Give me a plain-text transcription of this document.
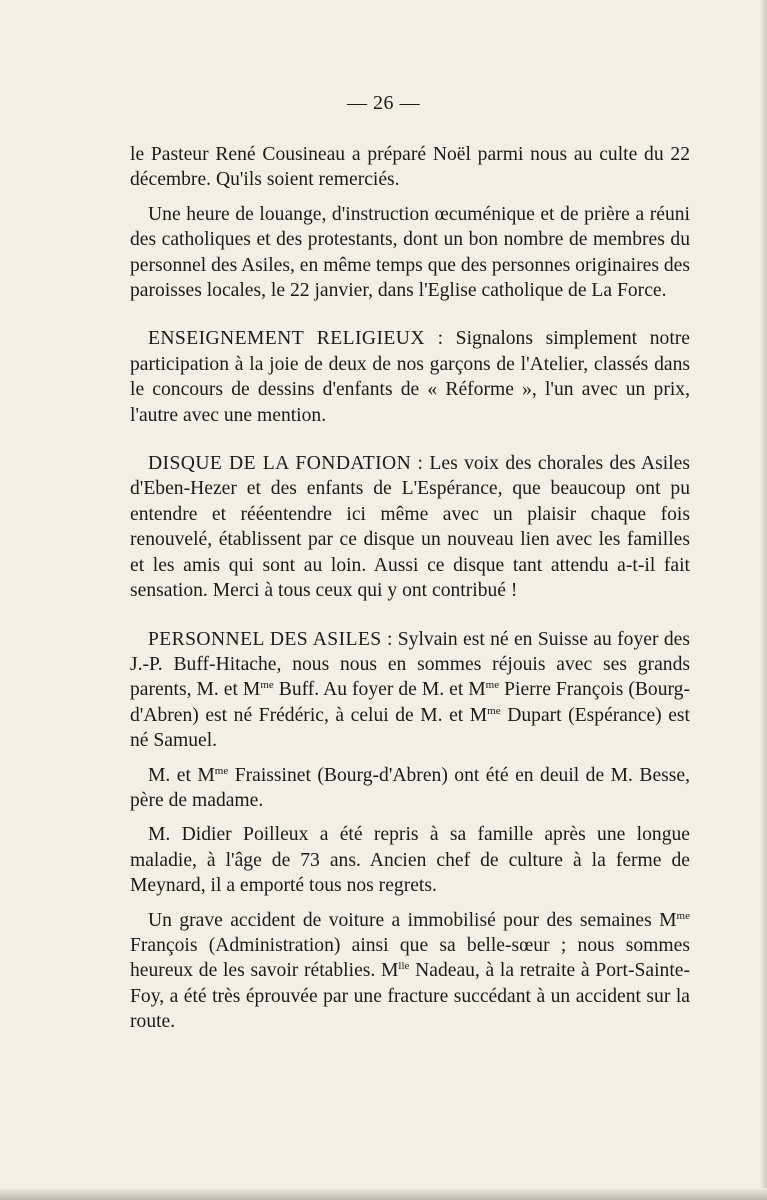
— 26 —

le Pasteur René Cousineau a préparé Noël parmi nous au culte du 22 décembre. Qu'ils soient remerciés.

Une heure de louange, d'instruction œcuménique et de prière a réuni des catholiques et des protestants, dont un bon nombre de membres du personnel des Asiles, en même temps que des personnes originaires des paroisses locales, le 22 janvier, dans l'Eglise catholique de La Force.

ENSEIGNEMENT RELIGIEUX : Signalons simplement notre participation à la joie de deux de nos garçons de l'Atelier, classés dans le concours de dessins d'enfants de « Réforme », l'un avec un prix, l'autre avec une mention.

DISQUE DE LA FONDATION : Les voix des chorales des Asiles d'Eben-Hezer et des enfants de L'Espérance, que beaucoup ont pu entendre et rééentendre ici même avec un plaisir chaque fois renouvelé, établissent par ce disque un nouveau lien avec les familles et les amis qui sont au loin. Aussi ce disque tant attendu a-t-il fait sensation. Merci à tous ceux qui y ont contribué !

PERSONNEL DES ASILES : Sylvain est né en Suisse au foyer des J.-P. Buff-Hitache, nous nous en sommes réjouis avec ses grands parents, M. et $M^{me}$ Buff. Au foyer de M. et $M^{me}$ Pierre François (Bourg-d'Abren) est né Frédéric, à celui de M. et $M^{me}$ Dupart (Espérance) est né Samuel.

M. et $M^{me}$ Fraissinet (Bourg-d'Abren) ont été en deuil de M. Besse, père de madame.

M. Didier Poilleux a été repris à sa famille après une longue maladie, à l'âge de 73 ans. Ancien chef de culture à la ferme de Meynard, il a emporté tous nos regrets.

Un grave accident de voiture a immobilisé pour des semaines $M^{me}$ François (Administration) ainsi que sa belle-sœur ; nous sommes heureux de les savoir rétablies. $M^{lle}$ Nadeau, à la retraite à Port-Sainte-Foy, a été très éprouvée par une fracture succédant à un accident sur la route.
